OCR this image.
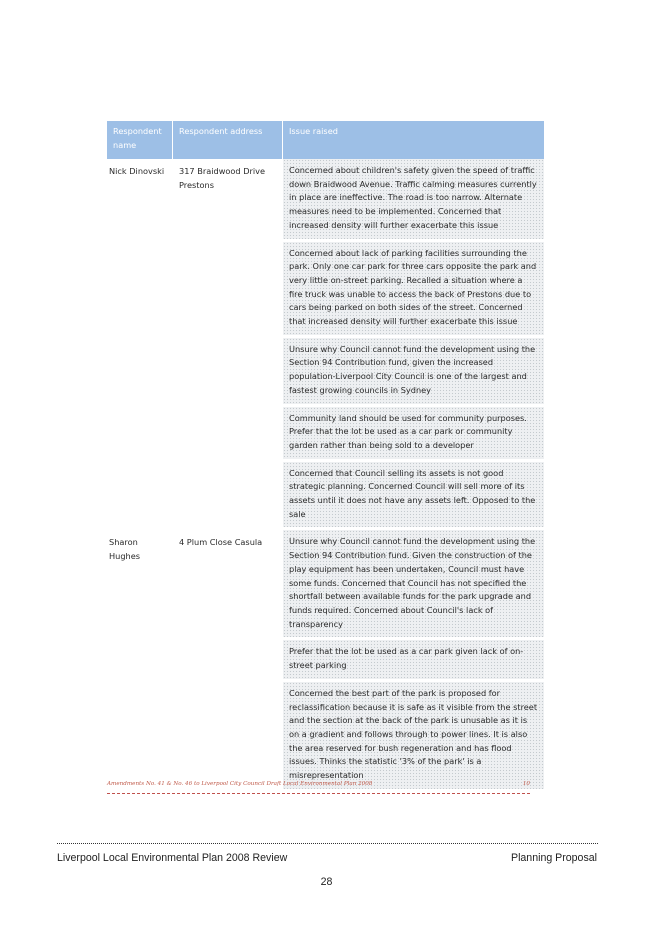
Respondent name	Respondent address	Issue raised
Nick Dinovski	317 Braidwood Drive Prestons	Concerned about children's safety given the speed of traffic down Braidwood Avenue. Traffic calming measures currently in place are ineffective. The road is too narrow. Alternate measures need to be implemented. Concerned that increased density will further exacerbate this issue
		Concerned about lack of parking facilities surrounding the park. Only one car park for three cars opposite the park and very little on-street parking. Recalled a situation where a fire truck was unable to access the back of Prestons due to cars being parked on both sides of the street. Concerned that increased density will further exacerbate this issue
		Unsure why Council cannot fund the development using the Section 94 Contribution fund, given the increased population-Liverpool City Council is one of the largest and fastest growing councils in Sydney
		Community land should be used for community purposes. Prefer that the lot be used as a car park or community garden rather than being sold to a developer
		Concerned that Council selling its assets is not good strategic planning. Concerned Council will sell more of its assets until it does not have any assets left. Opposed to the sale
Sharon Hughes	4 Plum Close Casula	Unsure why Council cannot fund the development using the Section 94 Contribution fund. Given the construction of the play equipment has been undertaken, Council must have some funds. Concerned that Council has not specified the shortfall between available funds for the park upgrade and funds required. Concerned about Council's lack of transparency
		Prefer that the lot be used as a car park given lack of on-street parking
		Concerned the best part of the park is proposed for reclassification because it is safe as it visible from the street and the section at the back of the park is unusable as it is on a gradient and follows through to power lines. It is also the area reserved for bush regeneration and has flood issues. Thinks the statistic '3% of the park' is a misrepresentation
Amendments No. 41 & No. 46 to Liverpool City Council Draft Local Environmental Plan 2008	10
Liverpool Local Environmental Plan 2008 Review	Planning Proposal
28
